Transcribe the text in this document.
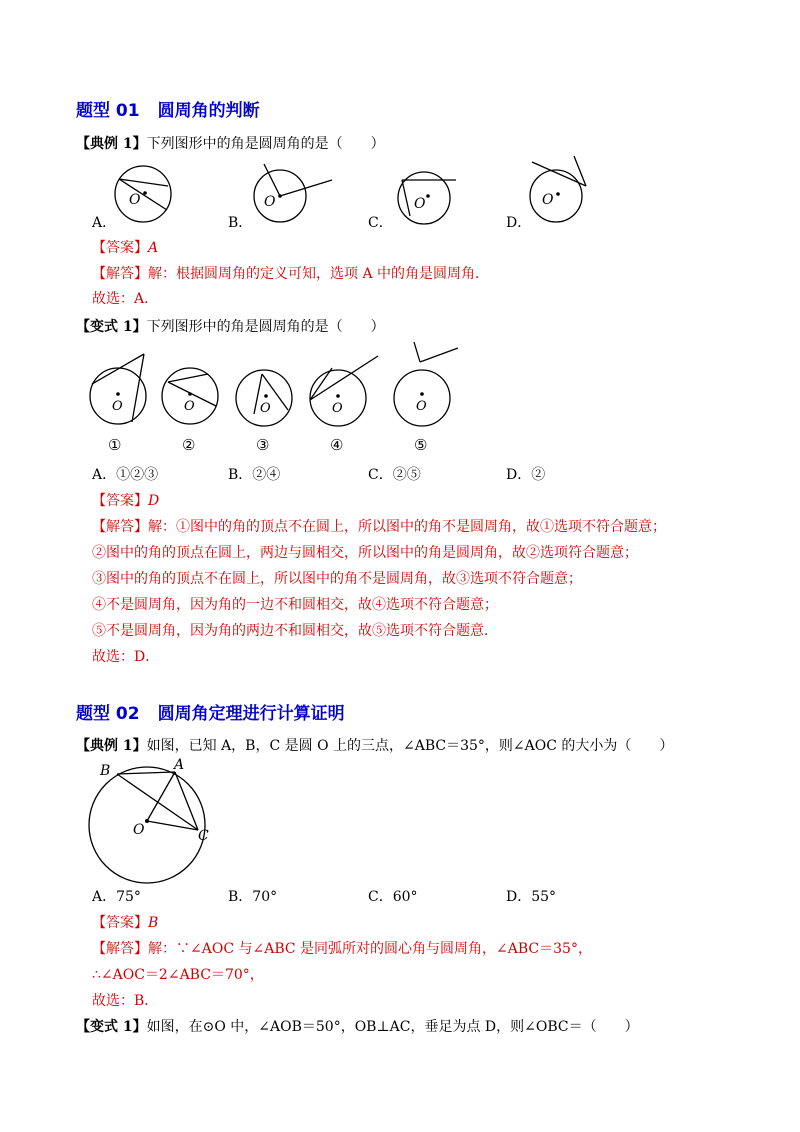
题型 01 圆周角的判断
【典例 1】下列图形中的角是圆周角的是（　　）
O
A．
O
B．
O
C．
O
D．
【答案】A
【解答】解：根据圆周角的定义可知，选项 A 中的角是圆周角．
故选：A．
【变式 1】下列图形中的角是圆周角的是（　　）
O	O	O	O	O
①	②	③	④	⑤
A．①②③	B．②④	C．②⑤	D．②
【答案】D
【解答】解：①图中的角的顶点不在圆上，所以图中的角不是圆周角，故①选项不符合题意；
②图中的角的顶点在圆上，两边与圆相交，所以图中的角是圆周角，故②选项符合题意；
③图中的角的顶点不在圆上，所以图中的角不是圆周角，故③选项不符合题意；
④不是圆周角，因为角的一边不和圆相交，故④选项不符合题意；
⑤不是圆周角，因为角的两边不和圆相交，故⑤选项不符合题意．
故选：D．
题型 02 圆周角定理进行计算证明
【典例 1】如图，已知 A，B，C 是圆 O 上的三点，∠ABC＝35°，则∠AOC 的大小为（　　）
B	A
C
O
A．75°	B．70°	C．60°	D．55°
【答案】B
【解答】解：∵∠AOC 与∠ABC 是同弧所对的圆心角与圆周角，∠ABC＝35°，
∴∠AOC＝2∠ABC＝70°，
故选：B．
【变式 1】如图，在⊙O 中，∠AOB＝50°，OB⊥AC，垂足为点 D，则∠OBC＝（　　）
